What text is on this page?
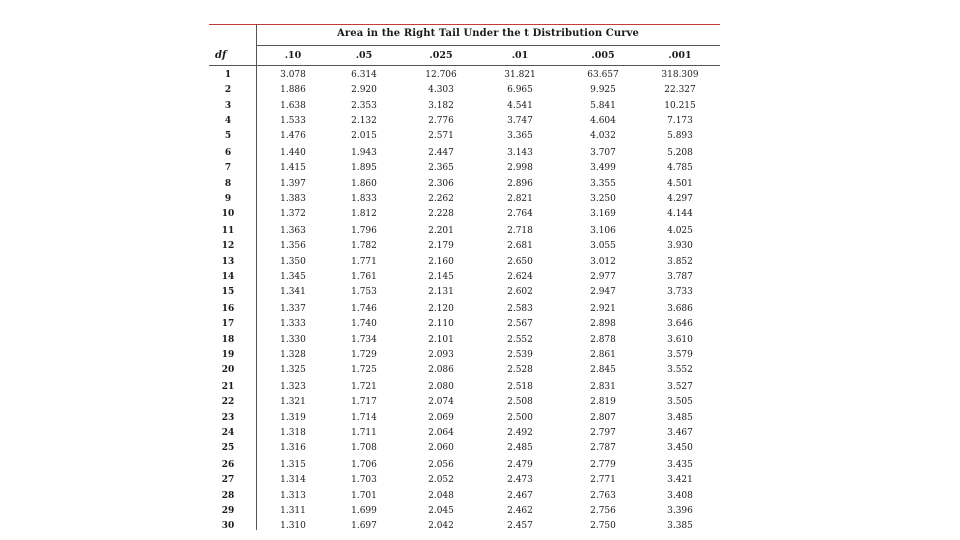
Area in the Right Tail Under the t Distribution Curve
df	.10	.05	.025	.01	.005	.001
1	3.078	6.314	12.706	31.821	63.657	318.309
2	1.886	2.920	4.303	6.965	9.925	22.327
3	1.638	2.353	3.182	4.541	5.841	10.215
4	1.533	2.132	2.776	3.747	4.604	7.173
5	1.476	2.015	2.571	3.365	4.032	5.893
6	1.440	1.943	2.447	3.143	3.707	5.208
7	1.415	1.895	2.365	2.998	3.499	4.785
8	1.397	1.860	2.306	2.896	3.355	4.501
9	1.383	1.833	2.262	2.821	3.250	4.297
10	1.372	1.812	2.228	2.764	3.169	4.144
11	1.363	1.796	2.201	2.718	3.106	4.025
12	1.356	1.782	2.179	2.681	3.055	3.930
13	1.350	1.771	2.160	2.650	3.012	3.852
14	1.345	1.761	2.145	2.624	2.977	3.787
15	1.341	1.753	2.131	2.602	2.947	3.733
16	1.337	1.746	2.120	2.583	2.921	3.686
17	1.333	1.740	2.110	2.567	2.898	3.646
18	1.330	1.734	2.101	2.552	2.878	3.610
19	1.328	1.729	2.093	2.539	2.861	3.579
20	1.325	1.725	2.086	2.528	2.845	3.552
21	1.323	1.721	2.080	2.518	2.831	3.527
22	1.321	1.717	2.074	2.508	2.819	3.505
23	1.319	1.714	2.069	2.500	2.807	3.485
24	1.318	1.711	2.064	2.492	2.797	3.467
25	1.316	1.708	2.060	2.485	2.787	3.450
26	1.315	1.706	2.056	2.479	2.779	3.435
27	1.314	1.703	2.052	2.473	2.771	3.421
28	1.313	1.701	2.048	2.467	2.763	3.408
29	1.311	1.699	2.045	2.462	2.756	3.396
30	1.310	1.697	2.042	2.457	2.750	3.385
